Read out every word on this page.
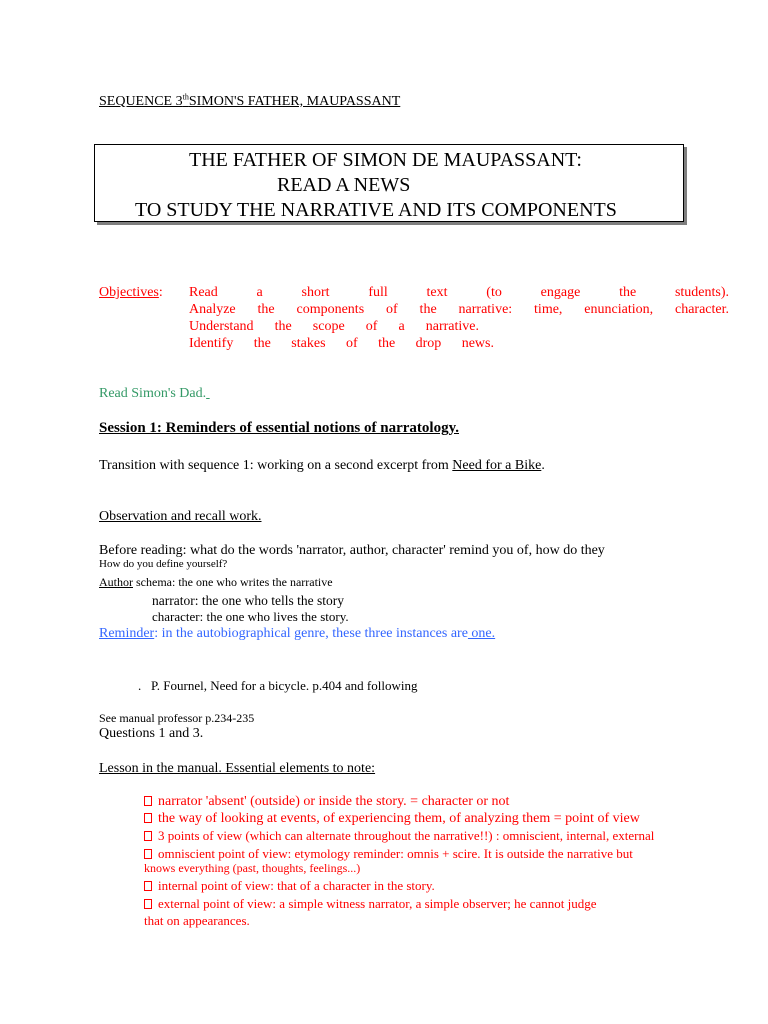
SEQUENCE 3thSIMON'S FATHER, MAUPASSANT
THE FATHER OF SIMON DE MAUPASSANT:
READ A NEWS
TO STUDY THE NARRATIVE AND ITS COMPONENTS
Objectives: Read a short full text (to engage the students).
Analyze the components of the narrative: time, enunciation, character.
Understand the scope of a narrative.
Identify the stakes of the drop news.
Read Simon's Dad.
Session 1: Reminders of essential notions of narratology.
Transition with sequence 1: working on a second excerpt from Need for a Bike.
Observation and recall work.
Before reading: what do the words 'narrator, author, character' remind you of, how do they
How do you define yourself?
Author schema: the one who writes the narrative
narrator: the one who tells the story
character: the one who lives the story.
Reminder: in the autobiographical genre, these three instances are one.
. P. Fournel, Need for a bicycle. p.404 and following
See manual professor p.234-235
Questions 1 and 3.
Lesson in the manual. Essential elements to note:
narrator 'absent' (outside) or inside the story. = character or not
the way of looking at events, of experiencing them, of analyzing them = point of view
3 points of view (which can alternate throughout the narrative!!) : omniscient, internal, external
omniscient point of view: etymology reminder: omnis + scire. It is outside the narrative but
knows everything (past, thoughts, feelings...)
internal point of view: that of a character in the story.
external point of view: a simple witness narrator, a simple observer; he cannot judge
that on appearances.
